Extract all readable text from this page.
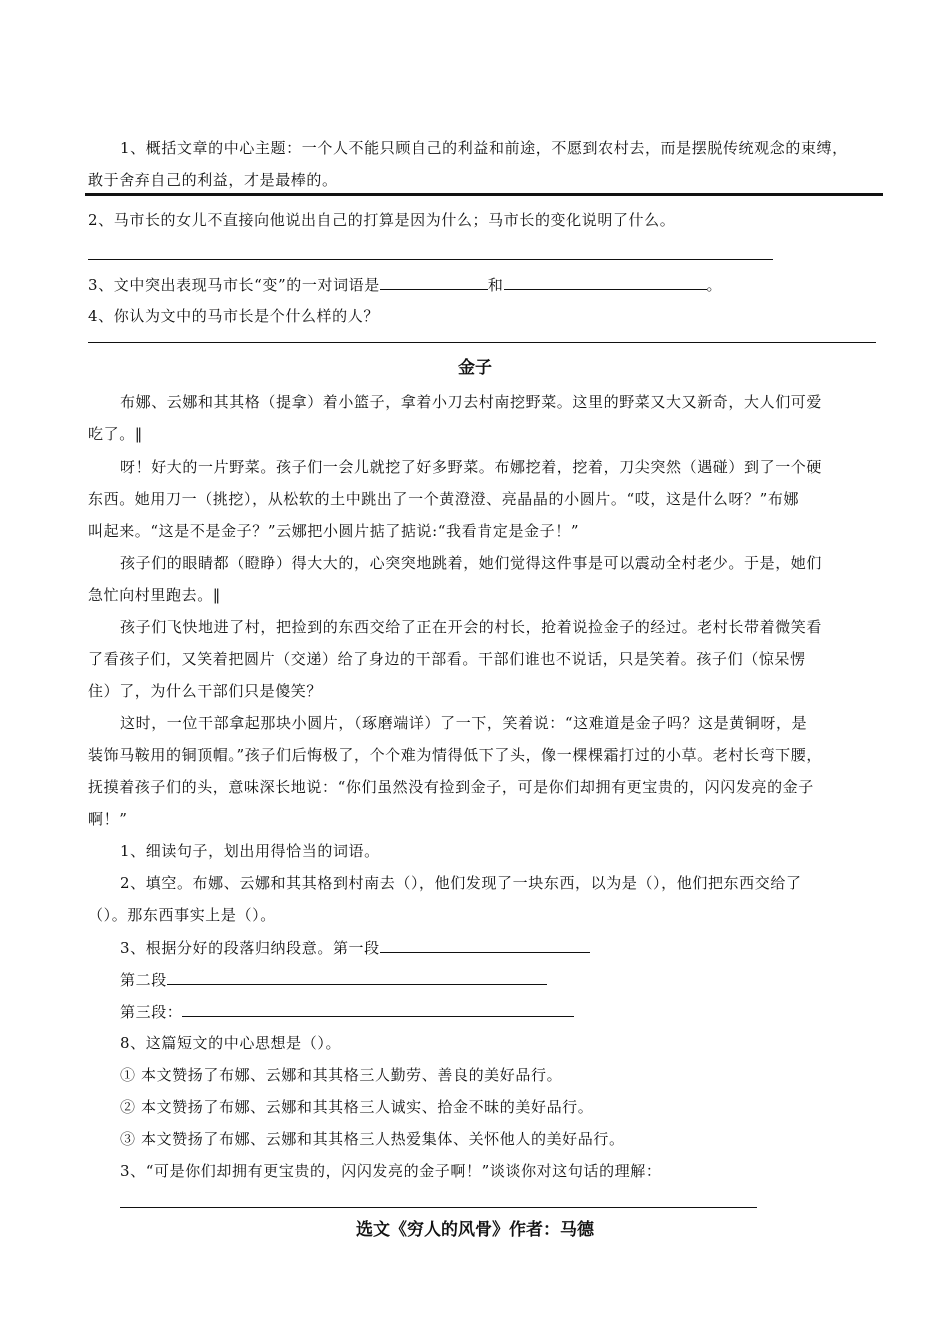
1、概括文章的中心主题：一个人不能只顾自己的利益和前途，不愿到农村去，而是摆脱传统观念的束缚，
敢于舍弃自己的利益，才是最棒的。
2、马市长的女儿不直接向他说出自己的打算是因为什么；马市长的变化说明了什么。
3、文中突出表现马市长“变”的一对词语是	和	。
4、你认为文中的马市长是个什么样的人？
金子
布娜、云娜和其其格（提拿）着小篮子，拿着小刀去村南挖野菜。这里的野菜又大又新奇，大人们可爱
吃了。‖
呀！好大的一片野菜。孩子们一会儿就挖了好多野菜。布娜挖着，挖着，刀尖突然（遇碰）到了一个硬
东西。她用刀一（挑挖），从松软的土中跳出了一个黄澄澄、亮晶晶的小圆片。“哎，这是什么呀？”布娜
叫起来。“这是不是金子？”云娜把小圆片掂了掂说:“我看肯定是金子！”
孩子们的眼睛都（瞪睁）得大大的，心突突地跳着，她们觉得这件事是可以震动全村老少。于是，她们
急忙向村里跑去。‖
孩子们飞快地进了村，把捡到的东西交给了正在开会的村长，抢着说捡金子的经过。老村长带着微笑看
了看孩子们，又笑着把圆片（交递）给了身边的干部看。干部们谁也不说话，只是笑着。孩子们（惊呆愣
住）了，为什么干部们只是傻笑？
这时，一位干部拿起那块小圆片，（琢磨端详）了一下，笑着说：“这难道是金子吗？这是黄铜呀，是
装饰马鞍用的铜顶帽。”孩子们后悔极了，个个难为情得低下了头，像一棵棵霜打过的小草。老村长弯下腰，
抚摸着孩子们的头，意味深长地说：“你们虽然没有捡到金子，可是你们却拥有更宝贵的，闪闪发亮的金子
啊！”
1、细读句子，划出用得恰当的词语。
2、填空。布娜、云娜和其其格到村南去（），他们发现了一块东西，以为是（），他们把东西交给了
（）。那东西事实上是（）。
3、根据分好的段落归纳段意。第一段
第二段
第三段：
8、这篇短文的中心思想是（）。
① 本文赞扬了布娜、云娜和其其格三人勤劳、善良的美好品行。
② 本文赞扬了布娜、云娜和其其格三人诚实、拾金不昧的美好品行。
③ 本文赞扬了布娜、云娜和其其格三人热爱集体、关怀他人的美好品行。
3、“可是你们却拥有更宝贵的，闪闪发亮的金子啊！”谈谈你对这句话的理解：
选文《穷人的风骨》作者：马德
